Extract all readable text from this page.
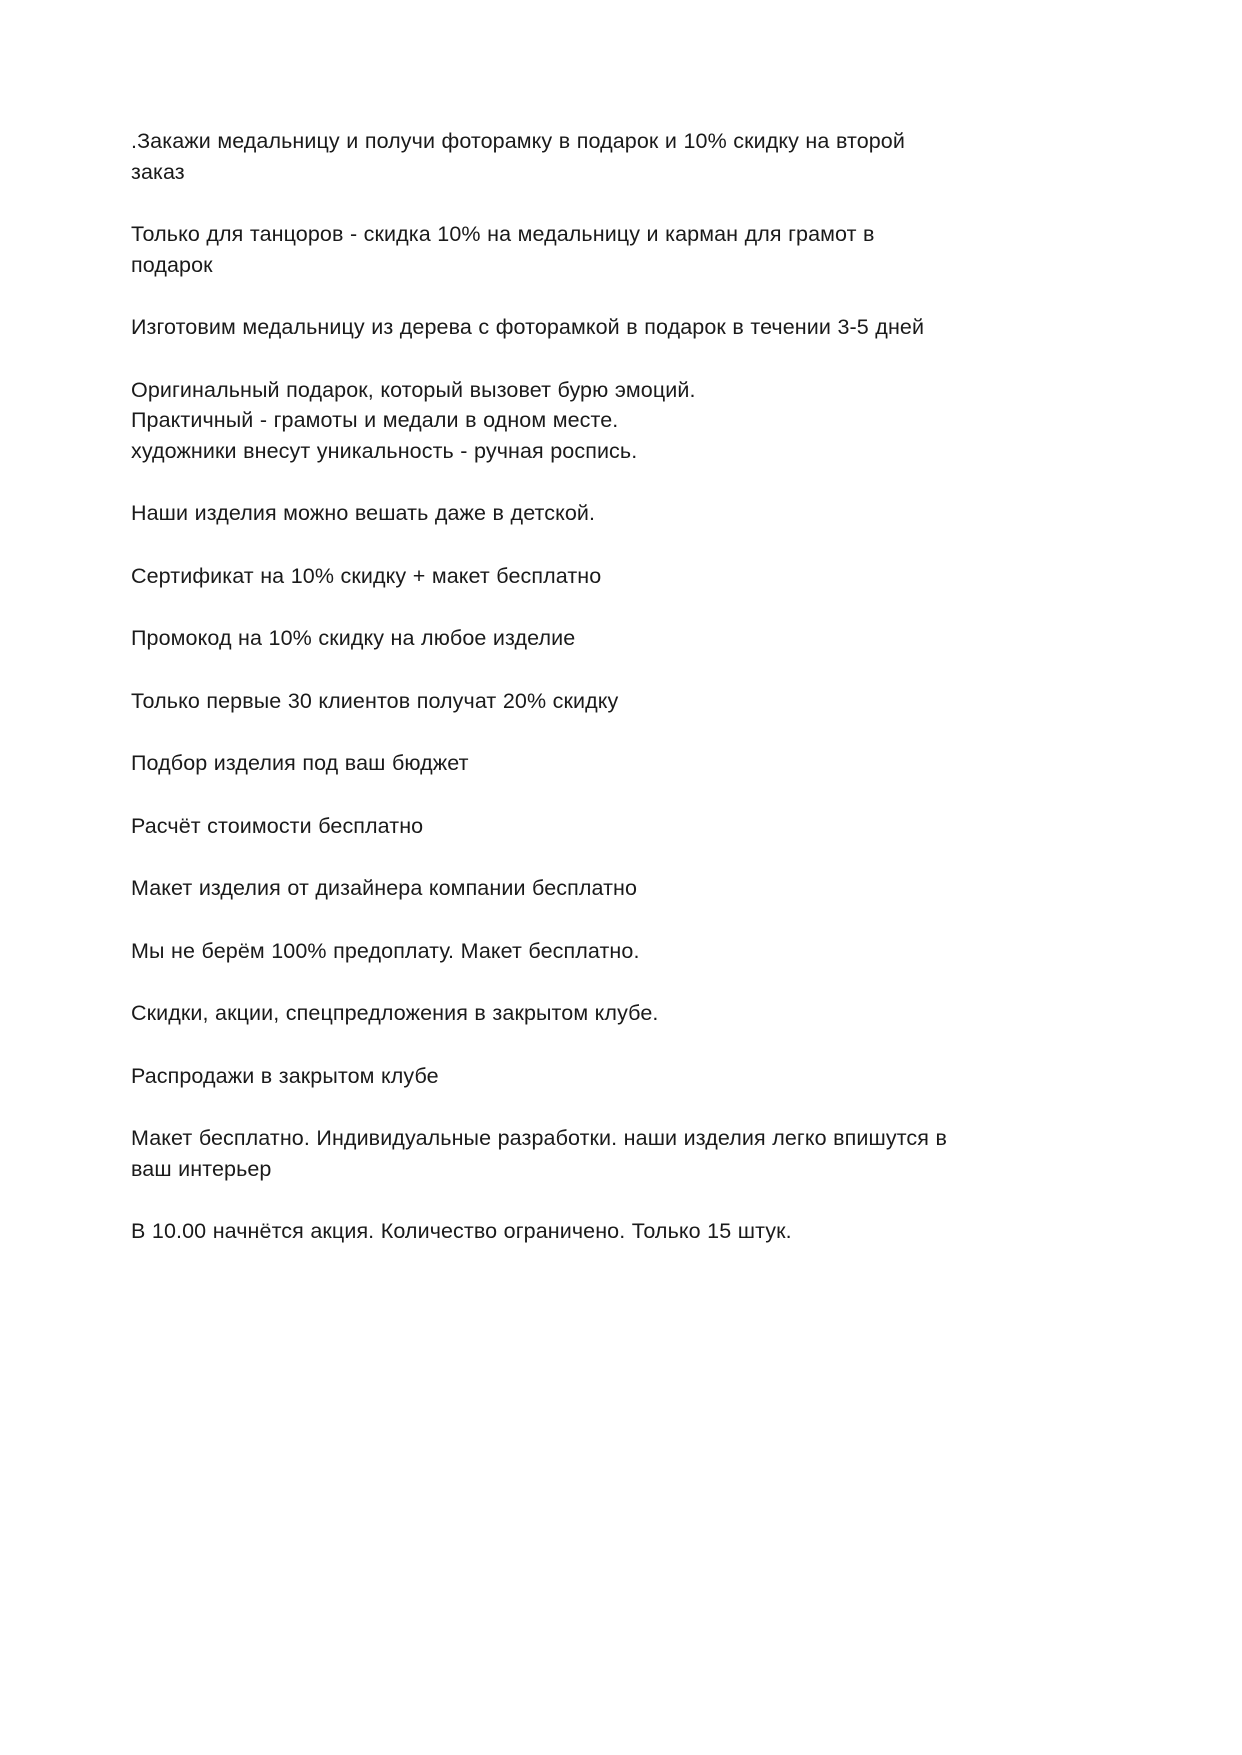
.Закажи медальницу и получи фоторамку в подарок и 10% скидку на второй заказ

Только для танцоров - скидка 10% на медальницу и карман для грамот в подарок

Изготовим медальницу из дерева с фоторамкой в подарок в течении 3-5 дней

Оригинальный подарок, который вызовет бурю эмоций.
Практичный - грамоты и медали в одном месте.
художники внесут уникальность - ручная роспись.

Наши изделия можно вешать даже в детской.

Сертификат на 10% скидку + макет бесплатно

Промокод на 10% скидку на любое изделие

Только первые 30 клиентов получат 20% скидку

Подбор изделия под ваш бюджет

Расчёт стоимости бесплатно

Макет изделия от дизайнера компании бесплатно

Мы не берём 100% предоплату. Макет бесплатно.

Скидки, акции, спецпредложения в закрытом клубе.

Распродажи в закрытом клубе

Макет бесплатно. Индивидуальные разработки. наши изделия легко впишутся в ваш интерьер

В 10.00 начнётся акция. Количество ограничено. Только 15 штук.
